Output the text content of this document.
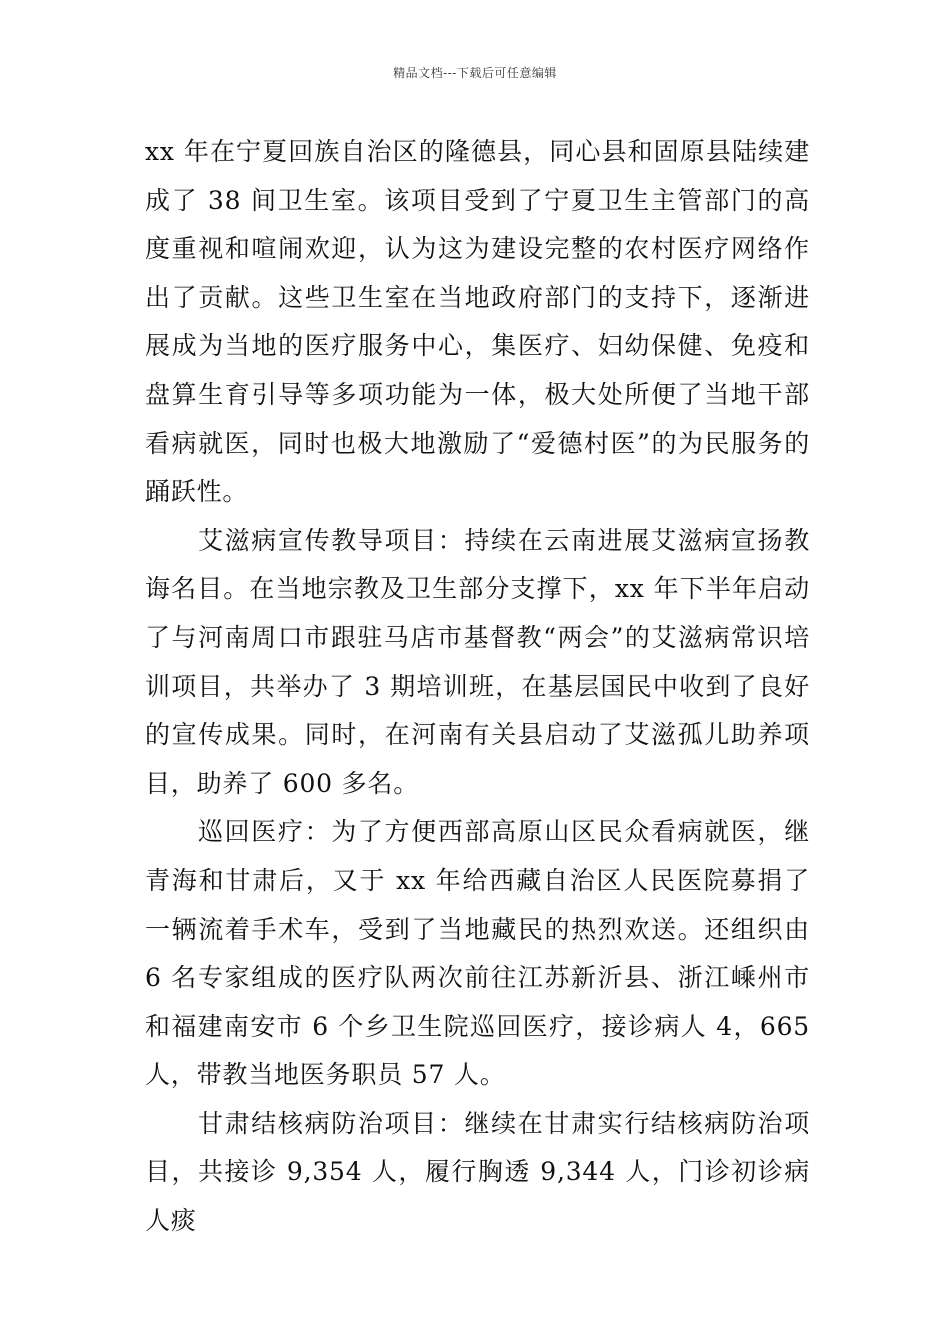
精品文档---下载后可任意编辑

xx 年在宁夏回族自治区的隆德县，同心县和固原县陆续建成了 38 间卫生室。该项目受到了宁夏卫生主管部门的高度重视和喧闹欢迎，认为这为建设完整的农村医疗网络作出了贡献。这些卫生室在当地政府部门的支持下，逐渐进展成为当地的医疗服务中心，集医疗、妇幼保健、免疫和盘算生育引导等多项功能为一体，极大处所便了当地干部看病就医，同时也极大地激励了“爱德村医”的为民服务的踊跃性。

艾滋病宣传教导项目：持续在云南进展艾滋病宣扬教诲名目。在当地宗教及卫生部分支撑下，xx 年下半年启动了与河南周口市跟驻马店市基督教“两会”的艾滋病常识培训项目，共举办了 3 期培训班，在基层国民中收到了良好的宣传成果。同时，在河南有关县启动了艾滋孤儿助养项目，助养了 600 多名。

巡回医疗：为了方便西部高原山区民众看病就医，继青海和甘肃后，又于 xx 年给西藏自治区人民医院募捐了一辆流着手术车，受到了当地藏民的热烈欢送。还组织由 6 名专家组成的医疗队两次前往江苏新沂县、浙江嵊州市和福建南安市 6 个乡卫生院巡回医疗，接诊病人 4，665 人，带教当地医务职员 57 人。

甘肃结核病防治项目：继续在甘肃实行结核病防治项目，共接诊 9,354 人，履行胸透 9,344 人，门诊初诊病人痰
